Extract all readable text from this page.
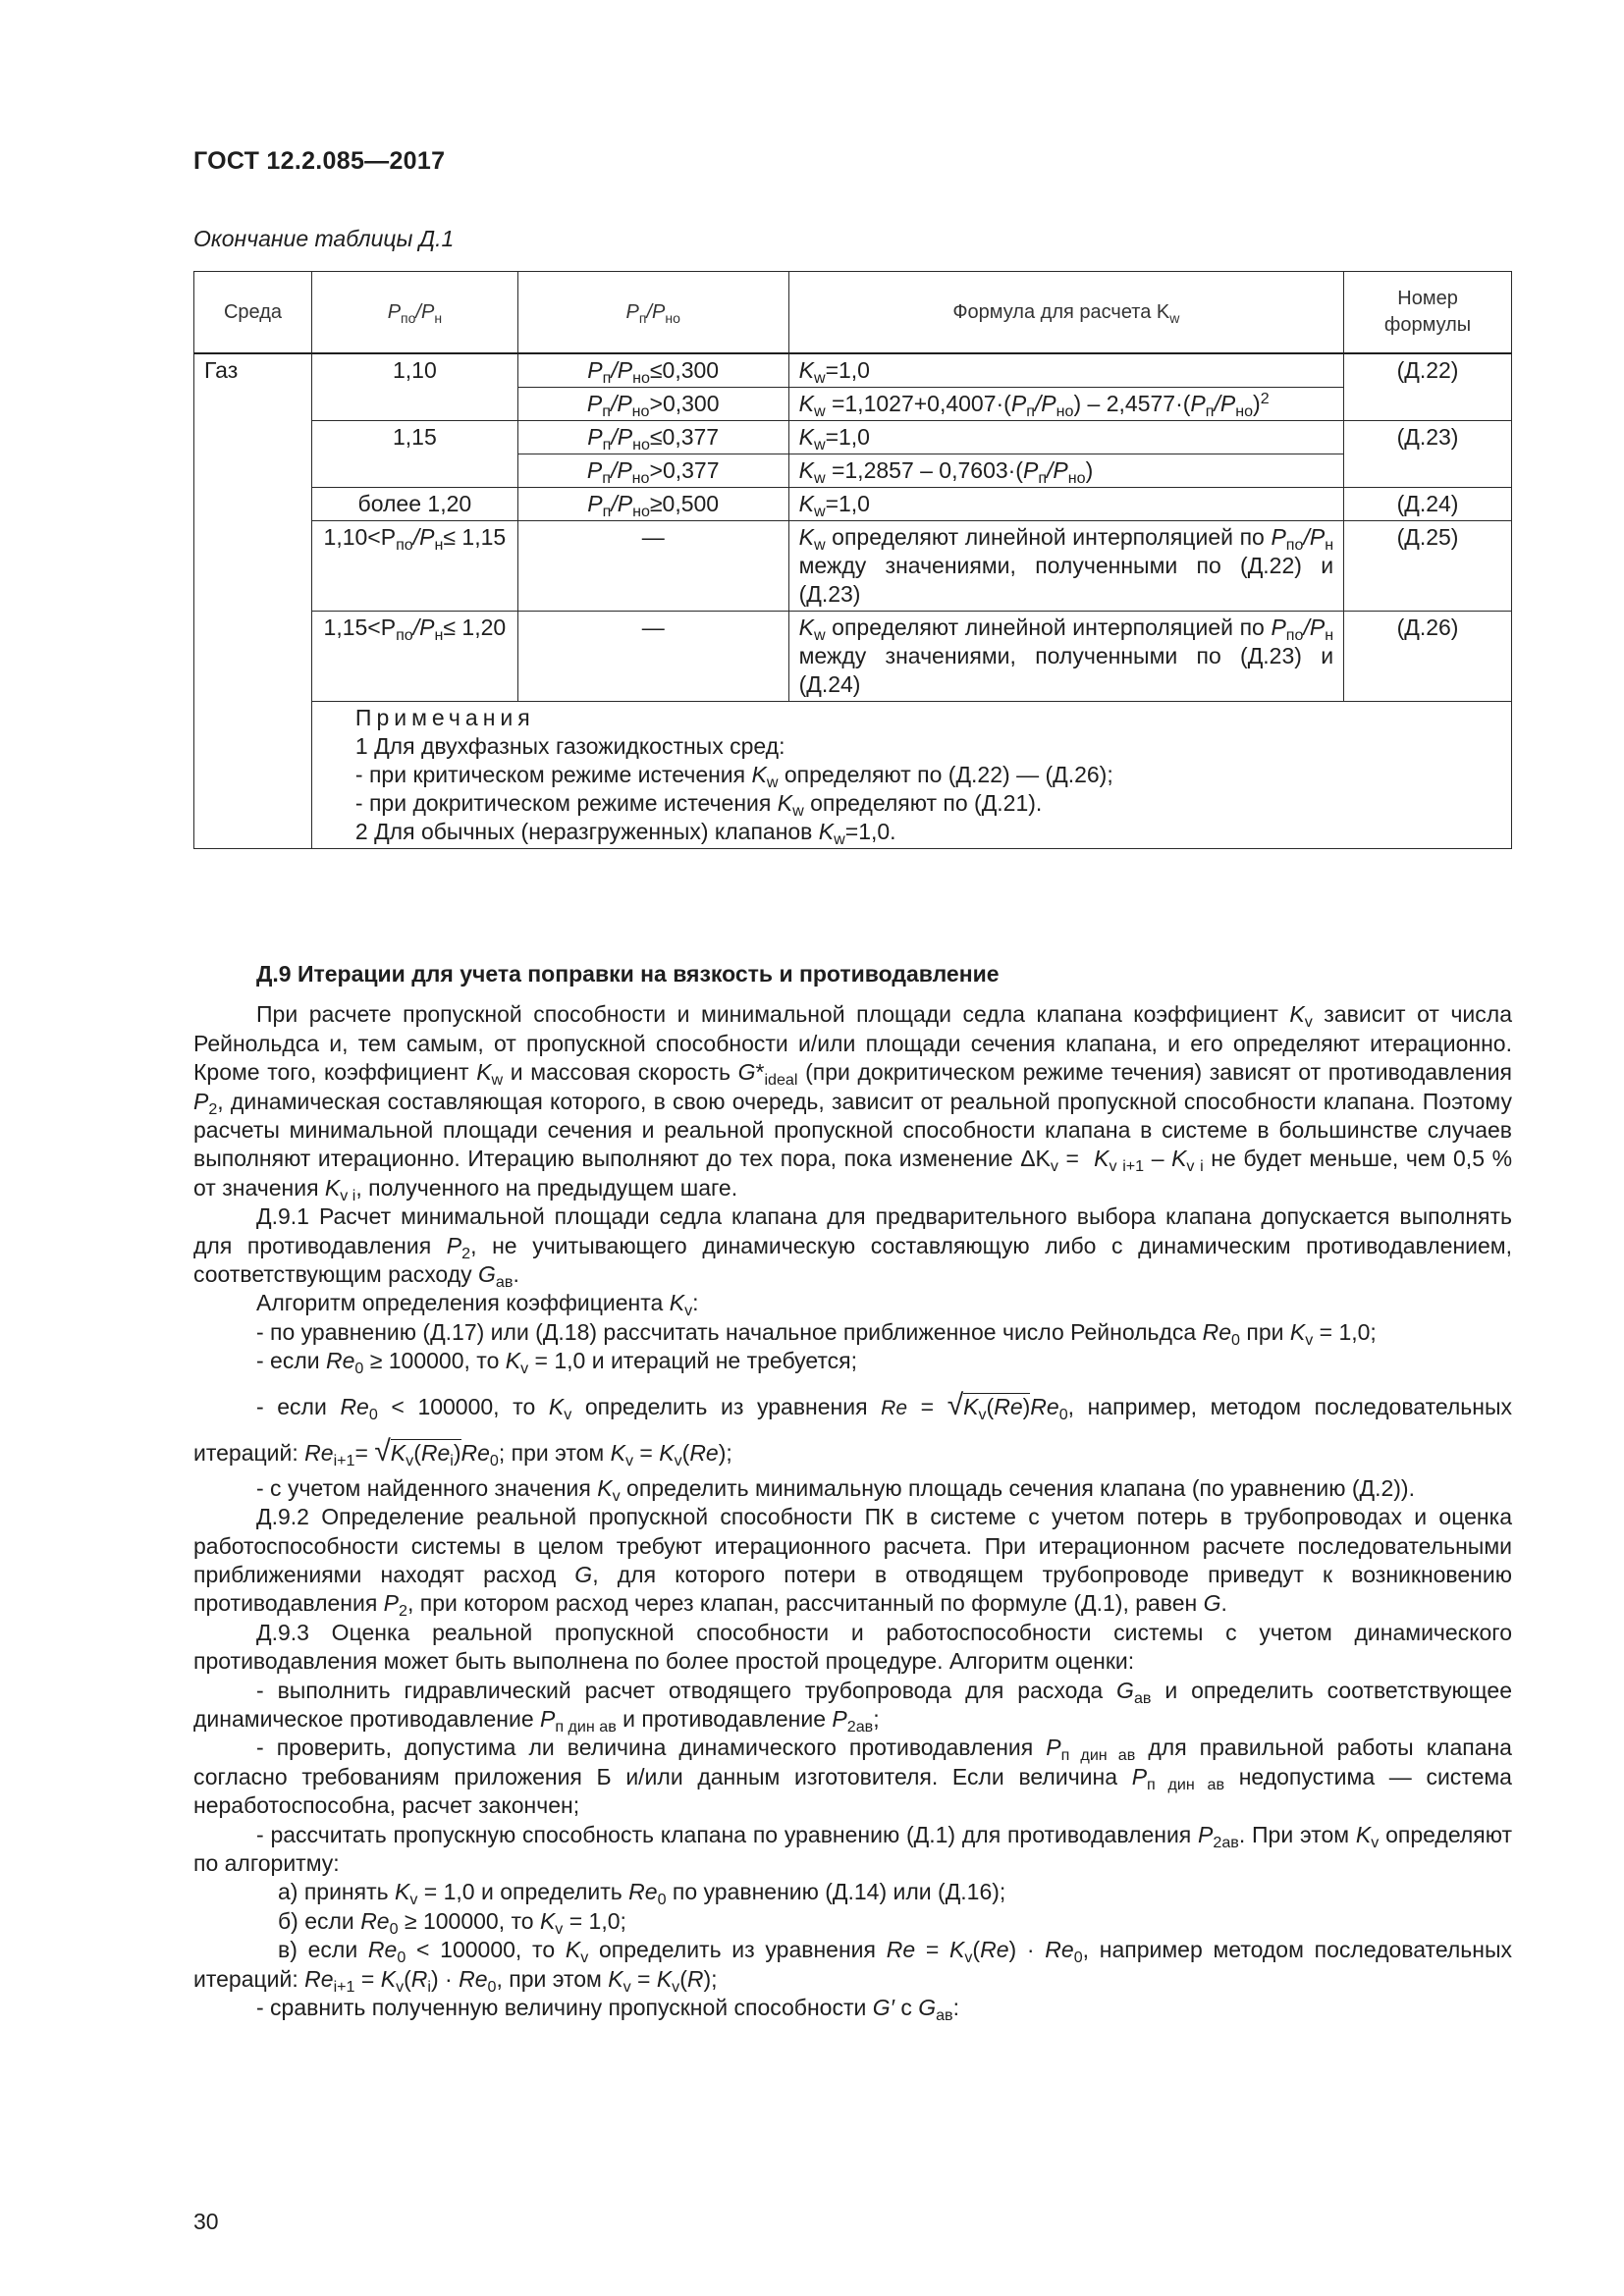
ГОСТ 12.2.085—2017
Окончание таблицы Д.1
Среда	$P_{по}/P_н$	$P_п/P_{но}$	Формула для расчета $K_w$	Номер
формулы
Газ	1,10	$P_п/P_{но}\le 0,300$	$K_w=1,0$	(Д.22)
		$P_п/P_{но}>0,300$	$K_w =1,1027+0,4007\cdot(P_п/P_{но}) - 2,4577\cdot(P_п/P_{но})^2$
	1,15	$P_п/P_{но}\le 0,377$	$K_w=1,0$	(Д.23)
		$P_п/P_{но}>0,377$	$K_w =1,2857 - 0,7603\cdot(P_п/P_{но})$	
	более 1,20	$P_п/P_{но}\ge 0,500$	$K_w=1,0$	(Д.24)
	$1,10<P_{по}/P_н\le 1,15$	—	$K_w$ определяют линейной интерполяцией по $P_{по}/P_н$ между значениями, полученными по (Д.22) и (Д.23)	(Д.25)
	$1,15<P_{по}/P_н\le 1,20$	—	$K_w$ определяют линейной интерполяцией по $P_{по}/P_н$ между значениями, полученными по (Д.23) и (Д.24)	(Д.26)

	Примечания
1 Для двухфазных газожидкостных сред:
- при критическом режиме истечения $K_w$ определяют по (Д.22) — (Д.26);
- при докритическом режиме истечения $K_w$ определяют по (Д.21).
2 Для обычных (неразгруженных) клапанов $K_w=1,0$.			

Д.9 Итерации для учета поправки на вязкость и противодавление

При расчете пропускной способности и минимальной площади седла клапана коэффициент $K_v$ зависит от числа Рейнольдса и, тем самым, от пропускной способности и/или площади сечения клапана, и его определяют итерационно. Кроме того, коэффициент $K_w$ и массовая скорость $G*_{ideal}$ (при докритическом режиме течения) зависят от противодавления $P_2$, динамическая составляющая которого, в свою очередь, зависит от реальной пропускной способности клапана. Поэтому расчеты минимальной площади сечения и реальной пропускной способности клапана в системе в большинстве случаев выполняют итерационно. Итерацию выполняют до тех пора, пока изменение $\Delta K_v = K_{v i+1} - K_{v i}$ не будет меньше, чем 0,5 % от значения $K_{v i}$, полученного на предыдущем шаге.

Д.9.1 Расчет минимальной площади седла клапана для предварительного выбора клапана допускается выполнять для противодавления $P_2$, не учитывающего динамическую составляющую либо с динамическим противодавлением, соответствующим расходу $G_{ав}$.

Алгоритм определения коэффициента $K_v$:

- по уравнению (Д.17) или (Д.18) рассчитать начальное приближенное число Рейнольдса $Re_0$ при $K_v = 1,0$;

- если $Re_0 \ge 100000$, то $K_v = 1,0$ и итераций не требуется;

- если $Re_0 < 100000$, то $K_v$ определить из уравнения $Re = √K_v(Re)Re_0$, например, методом последовательных итераций: $Re_{i+1}= √K_v(Re_i)Re_0$; при этом $K_v = K_v(Re)$;

- с учетом найденного значения $K_v$ определить минимальную площадь сечения клапана (по уравнению (Д.2)).

Д.9.2 Определение реальной пропускной способности ПК в системе с учетом потерь в трубопроводах и оценка работоспособности системы в целом требуют итерационного расчета. При итерационном расчете последовательными приближениями находят расход G, для которого потери в отводящем трубопроводе приведут к возникновению противодавления $P_2$, при котором расход через клапан, рассчитанный по формуле (Д.1), равен G.

Д.9.3 Оценка реальной пропускной способности и работоспособности системы с учетом динамического противодавления может быть выполнена по более простой процедуре. Алгоритм оценки:

- выполнить гидравлический расчет отводящего трубопровода для расхода $G_{ав}$ и определить соответствующее динамическое противодавление $P_{п дин ав}$ и противодавление $P_{2ав}$;

- проверить, допустима ли величина динамического противодавления $P_{п дин ав}$ для правильной работы клапана согласно требованиям приложения Б и/или данным изготовителя. Если величина $P_{п дин ав}$ недопустима — система неработоспособна, расчет закончен;

- рассчитать пропускную способность клапана по уравнению (Д.1) для противодавления $P_{2ав}$. При этом $K_v$ определяют по алгоритму:

а) принять $K_v = 1,0$ и определить $Re_0$ по уравнению (Д.14) или (Д.16);

б) если $Re_0 \ge 100000$, то $K_v = 1,0$;

в) если $Re_0 < 100000$, то $K_v$ определить из уравнения $Re = K_v(Re) \cdot Re_0$, например методом последовательных итераций: $Re_{i+1} = K_v(R_i) \cdot Re_0$, при этом $K_v = K_v(R)$;

- сравнить полученную величину пропускной способности G′ с $G_{ав}$:

30
